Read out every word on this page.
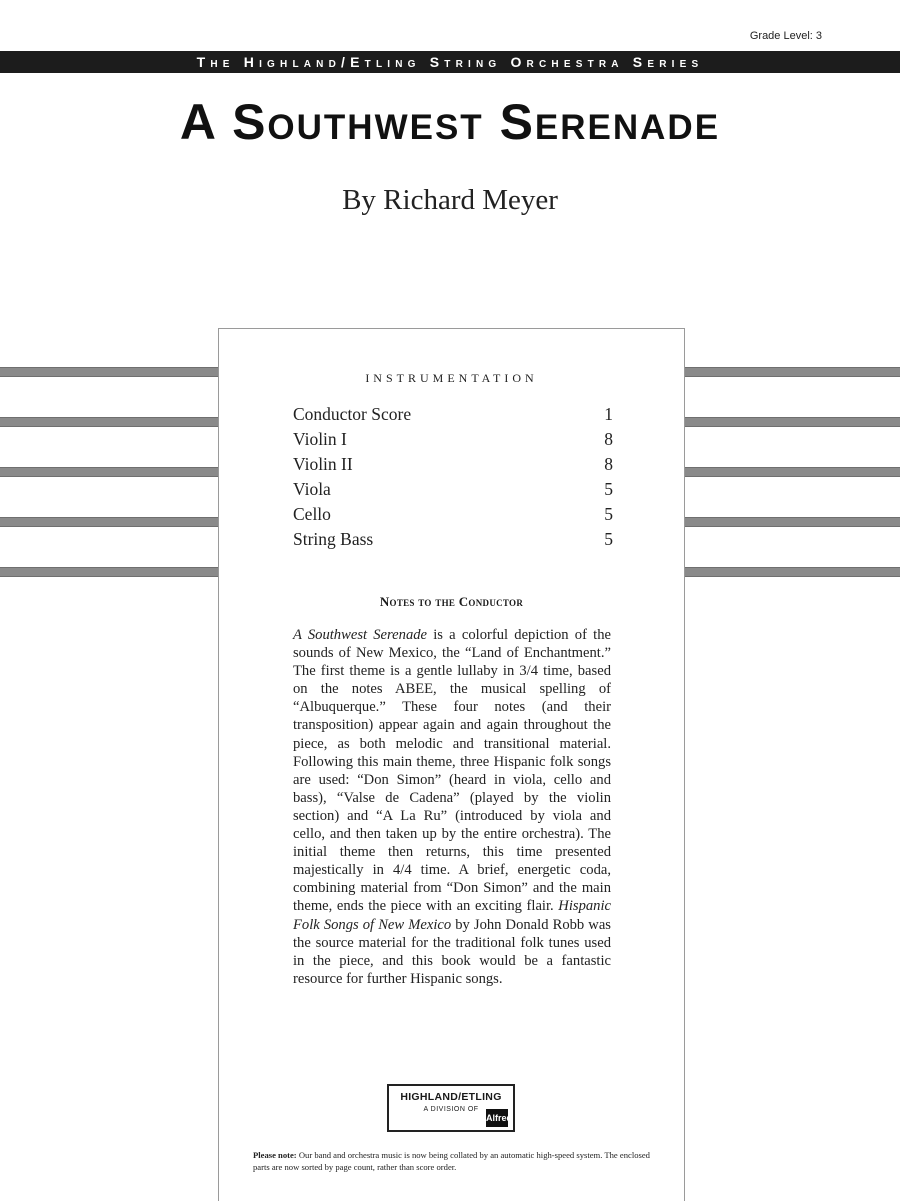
Grade Level: 3
The Highland/Etling String Orchestra Series
A Southwest Serenade
By Richard Meyer
INSTRUMENTATION
Conductor Score	1
Violin I	8
Violin II	8
Viola	5
Cello	5
String Bass	5
Notes to the Conductor
A Southwest Serenade is a colorful depiction of the sounds of New Mexico, the “Land of Enchantment.” The first theme is a gentle lullaby in 3/4 time, based on the notes ABEE, the musical spelling of “Albuquerque.” These four notes (and their transposition) appear again and again throughout the piece, as both melodic and transitional material. Following this main theme, three Hispanic folk songs are used: “Don Simon” (heard in viola, cello and bass), “Valse de Cadena” (played by the violin section) and “A La Ru” (introduced by viola and cello, and then taken up by the entire orchestra). The initial theme then returns, this time presented majestically in 4/4 time. A brief, energetic coda, combining material from “Don Simon” and the main theme, ends the piece with an exciting flair. Hispanic Folk Songs of New Mexico by John Donald Robb was the source material for the traditional folk tunes used in the piece, and this book would be a fantastic resource for further Hispanic songs.
HIGHLAND/ETLING
A DIVISION OF
Alfred
Please note: Our band and orchestra music is now being collated by an automatic high-speed system. The enclosed parts are now sorted by page count, rather than score order.
